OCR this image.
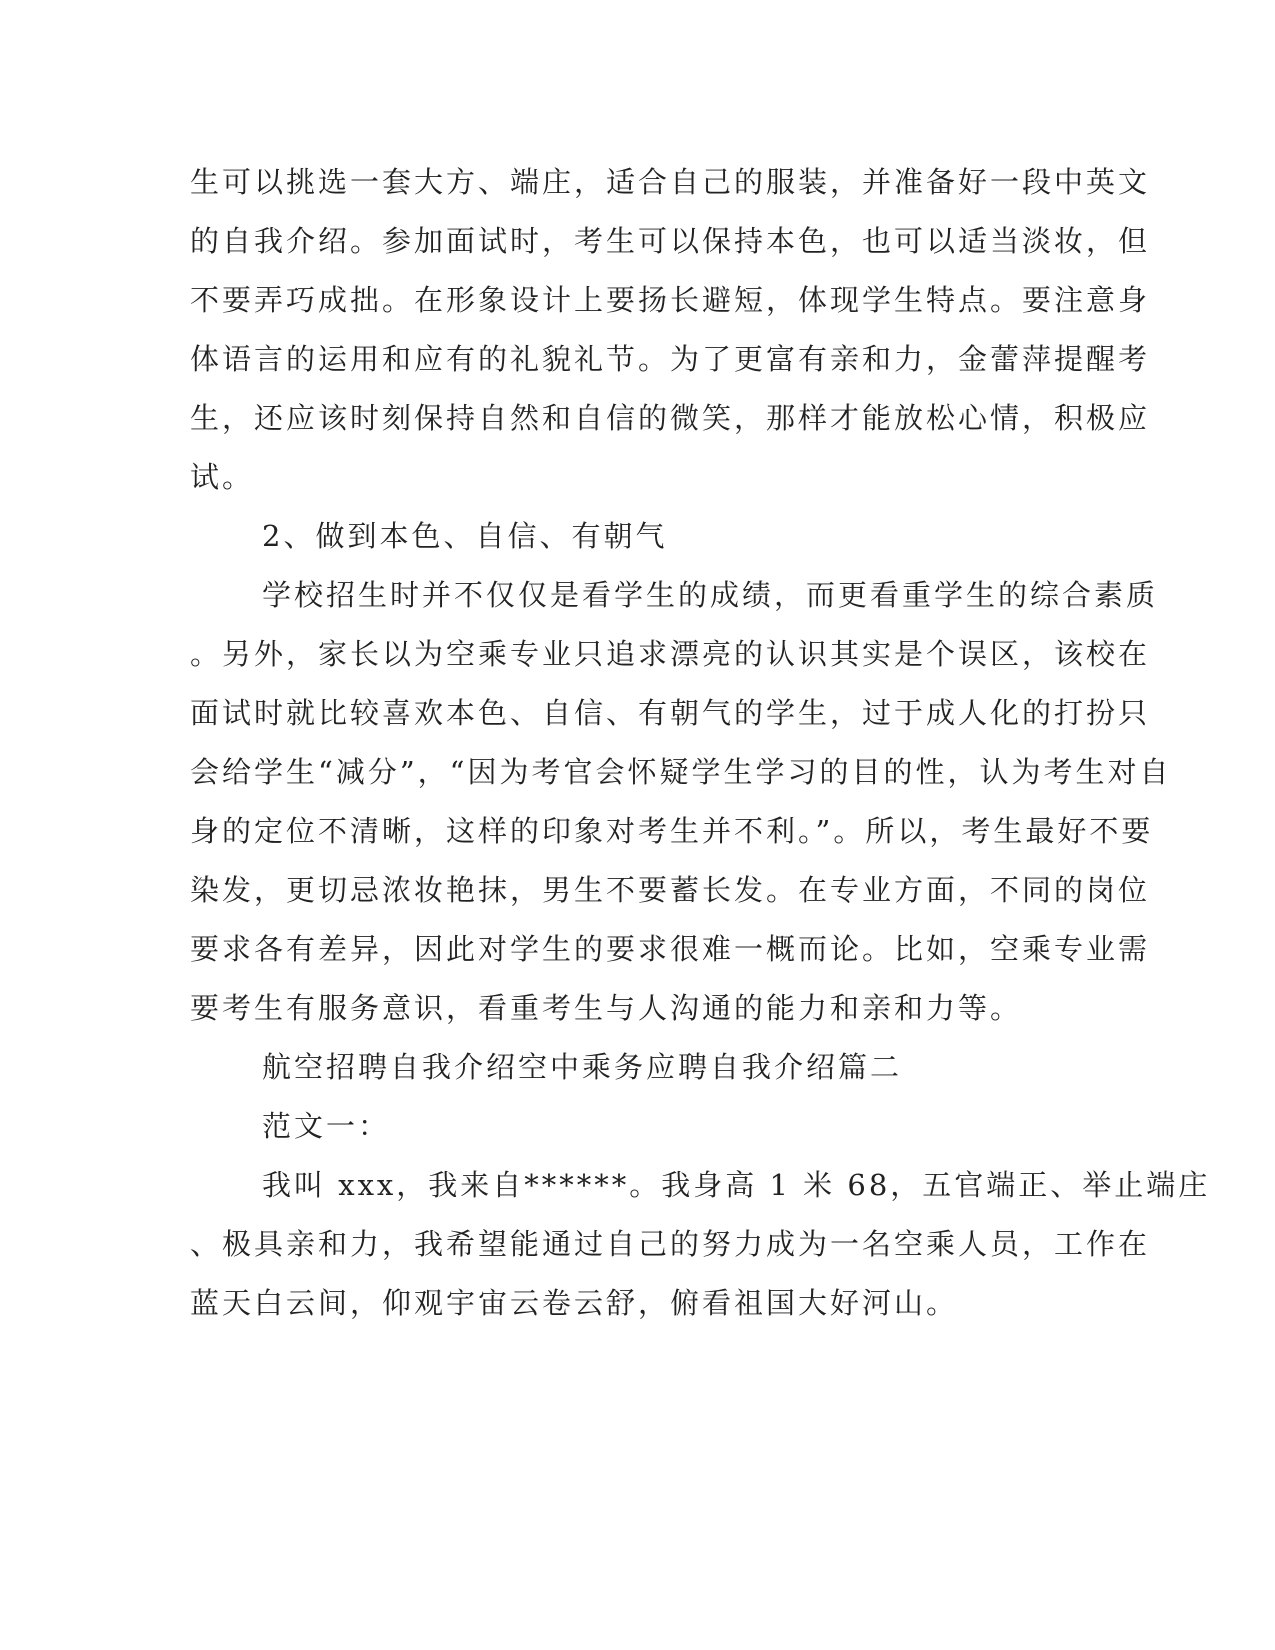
生可以挑选一套大方、端庄，适合自己的服装，并准备好一段中英文
的自我介绍。参加面试时，考生可以保持本色，也可以适当淡妆，但
不要弄巧成拙。在形象设计上要扬长避短，体现学生特点。要注意身
体语言的运用和应有的礼貌礼节。为了更富有亲和力，金蕾萍提醒考
生，还应该时刻保持自然和自信的微笑，那样才能放松心情，积极应
试。
2、做到本色、自信、有朝气
学校招生时并不仅仅是看学生的成绩，而更看重学生的综合素质
。另外，家长以为空乘专业只追求漂亮的认识其实是个误区，该校在
面试时就比较喜欢本色、自信、有朝气的学生，过于成人化的打扮只
会给学生“减分”，“因为考官会怀疑学生学习的目的性，认为考生对自
身的定位不清晰，这样的印象对考生并不利。”。所以，考生最好不要
染发，更切忌浓妆艳抹，男生不要蓄长发。在专业方面，不同的岗位
要求各有差异，因此对学生的要求很难一概而论。比如，空乘专业需
要考生有服务意识，看重考生与人沟通的能力和亲和力等。
航空招聘自我介绍空中乘务应聘自我介绍篇二
范文一：
我叫 xxx，我来自******。我身高 1 米 68，五官端正、举止端庄
、极具亲和力，我希望能通过自己的努力成为一名空乘人员，工作在
蓝天白云间，仰观宇宙云卷云舒，俯看祖国大好河山。
